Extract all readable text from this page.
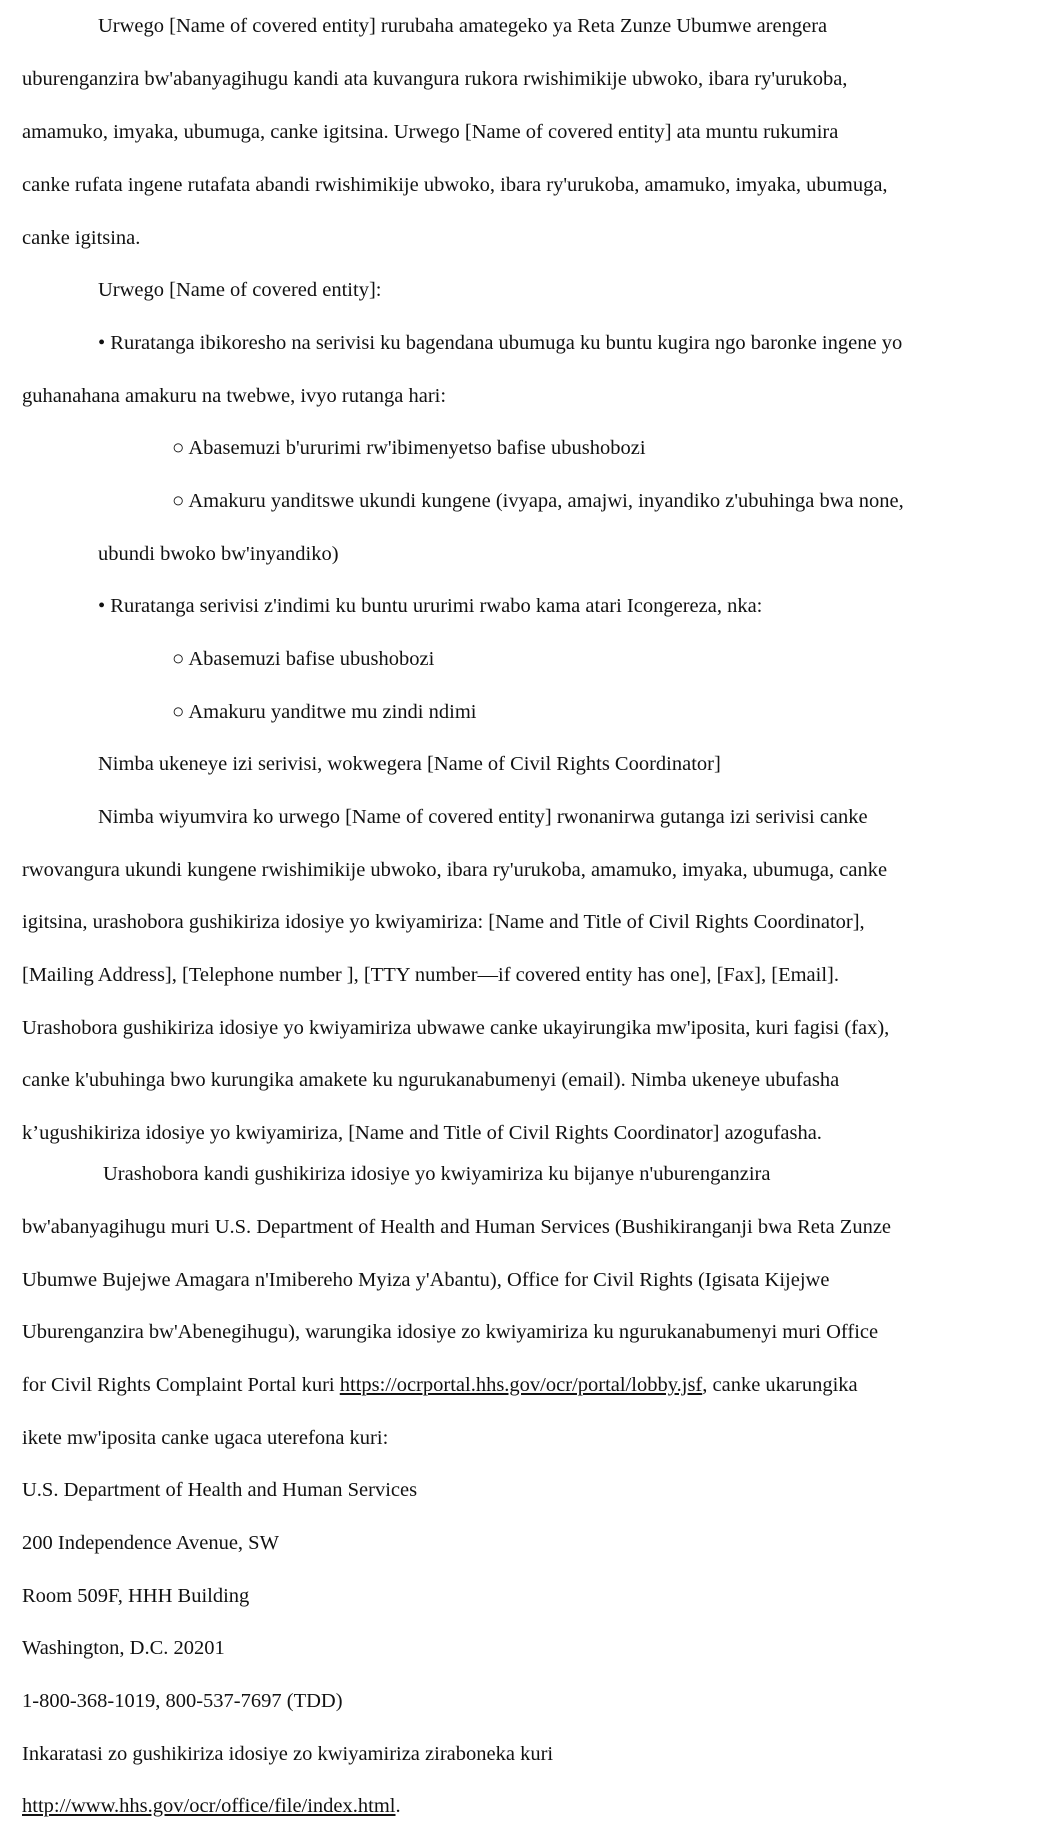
Urwego [Name of covered entity] rurubaha amategeko ya Reta Zunze Ubumwe arengera
uburenganzira bw'abanyagihugu kandi ata kuvangura rukora rwishimikije ubwoko, ibara ry'urukoba,
amamuko, imyaka, ubumuga, canke igitsina. Urwego [Name of covered entity] ata muntu rukumira
canke rufata ingene rutafata abandi rwishimikije ubwoko, ibara ry'urukoba, amamuko, imyaka, ubumuga,
canke igitsina.
Urwego [Name of covered entity]:
• Ruratanga ibikoresho na serivisi ku bagendana ubumuga ku buntu kugira ngo baronke ingene yo
guhanahana amakuru na twebwe, ivyo rutanga hari:
○ Abasemuzi b'ururimi rw'ibimenyetso bafise ubushobozi
○ Amakuru yanditswe ukundi kungene (ivyapa, amajwi, inyandiko z'ubuhinga bwa none,
ubundi bwoko bw'inyandiko)
• Ruratanga serivisi z'indimi ku buntu ururimi rwabo kama atari Icongereza, nka:
○ Abasemuzi bafise ubushobozi
○ Amakuru yanditwe mu zindi ndimi
Nimba ukeneye izi serivisi, wokwegera [Name of Civil Rights Coordinator]
Nimba wiyumvira ko urwego [Name of covered entity] rwonanirwa gutanga izi serivisi canke
rwovangura ukundi kungene rwishimikije ubwoko, ibara ry'urukoba, amamuko, imyaka, ubumuga, canke
igitsina, urashobora gushikiriza idosiye yo kwiyamiriza: [Name and Title of Civil Rights Coordinator],
[Mailing Address], [Telephone number ], [TTY number—if covered entity has one], [Fax], [Email].
Urashobora gushikiriza idosiye yo kwiyamiriza ubwawe canke ukayirungika mw'iposita, kuri fagisi (fax),
canke k'ubuhinga bwo kurungika amakete ku ngurukanabumenyi (email). Nimba ukeneye ubufasha
k’ugushikiriza idosiye yo kwiyamiriza, [Name and Title of Civil Rights Coordinator] azogufasha.
Urashobora kandi gushikiriza idosiye yo kwiyamiriza ku bijanye n'uburenganzira
bw'abanyagihugu muri U.S. Department of Health and Human Services (Bushikiranganji bwa Reta Zunze
Ubumwe Bujejwe Amagara n'Imibereho Myiza y'Abantu), Office for Civil Rights (Igisata Kijejwe
Uburenganzira bw'Abenegihugu), warungika idosiye zo kwiyamiriza ku ngurukanabumenyi muri Office
for Civil Rights Complaint Portal kuri https://ocrportal.hhs.gov/ocr/portal/lobby.jsf, canke ukarungika
ikete mw'iposita canke ugaca uterefona kuri:
U.S. Department of Health and Human Services
200 Independence Avenue, SW
Room 509F, HHH Building
Washington, D.C. 20201
1-800-368-1019, 800-537-7697 (TDD)
Inkaratasi zo gushikiriza idosiye zo kwiyamiriza ziraboneka kuri
http://www.hhs.gov/ocr/office/file/index.html.
